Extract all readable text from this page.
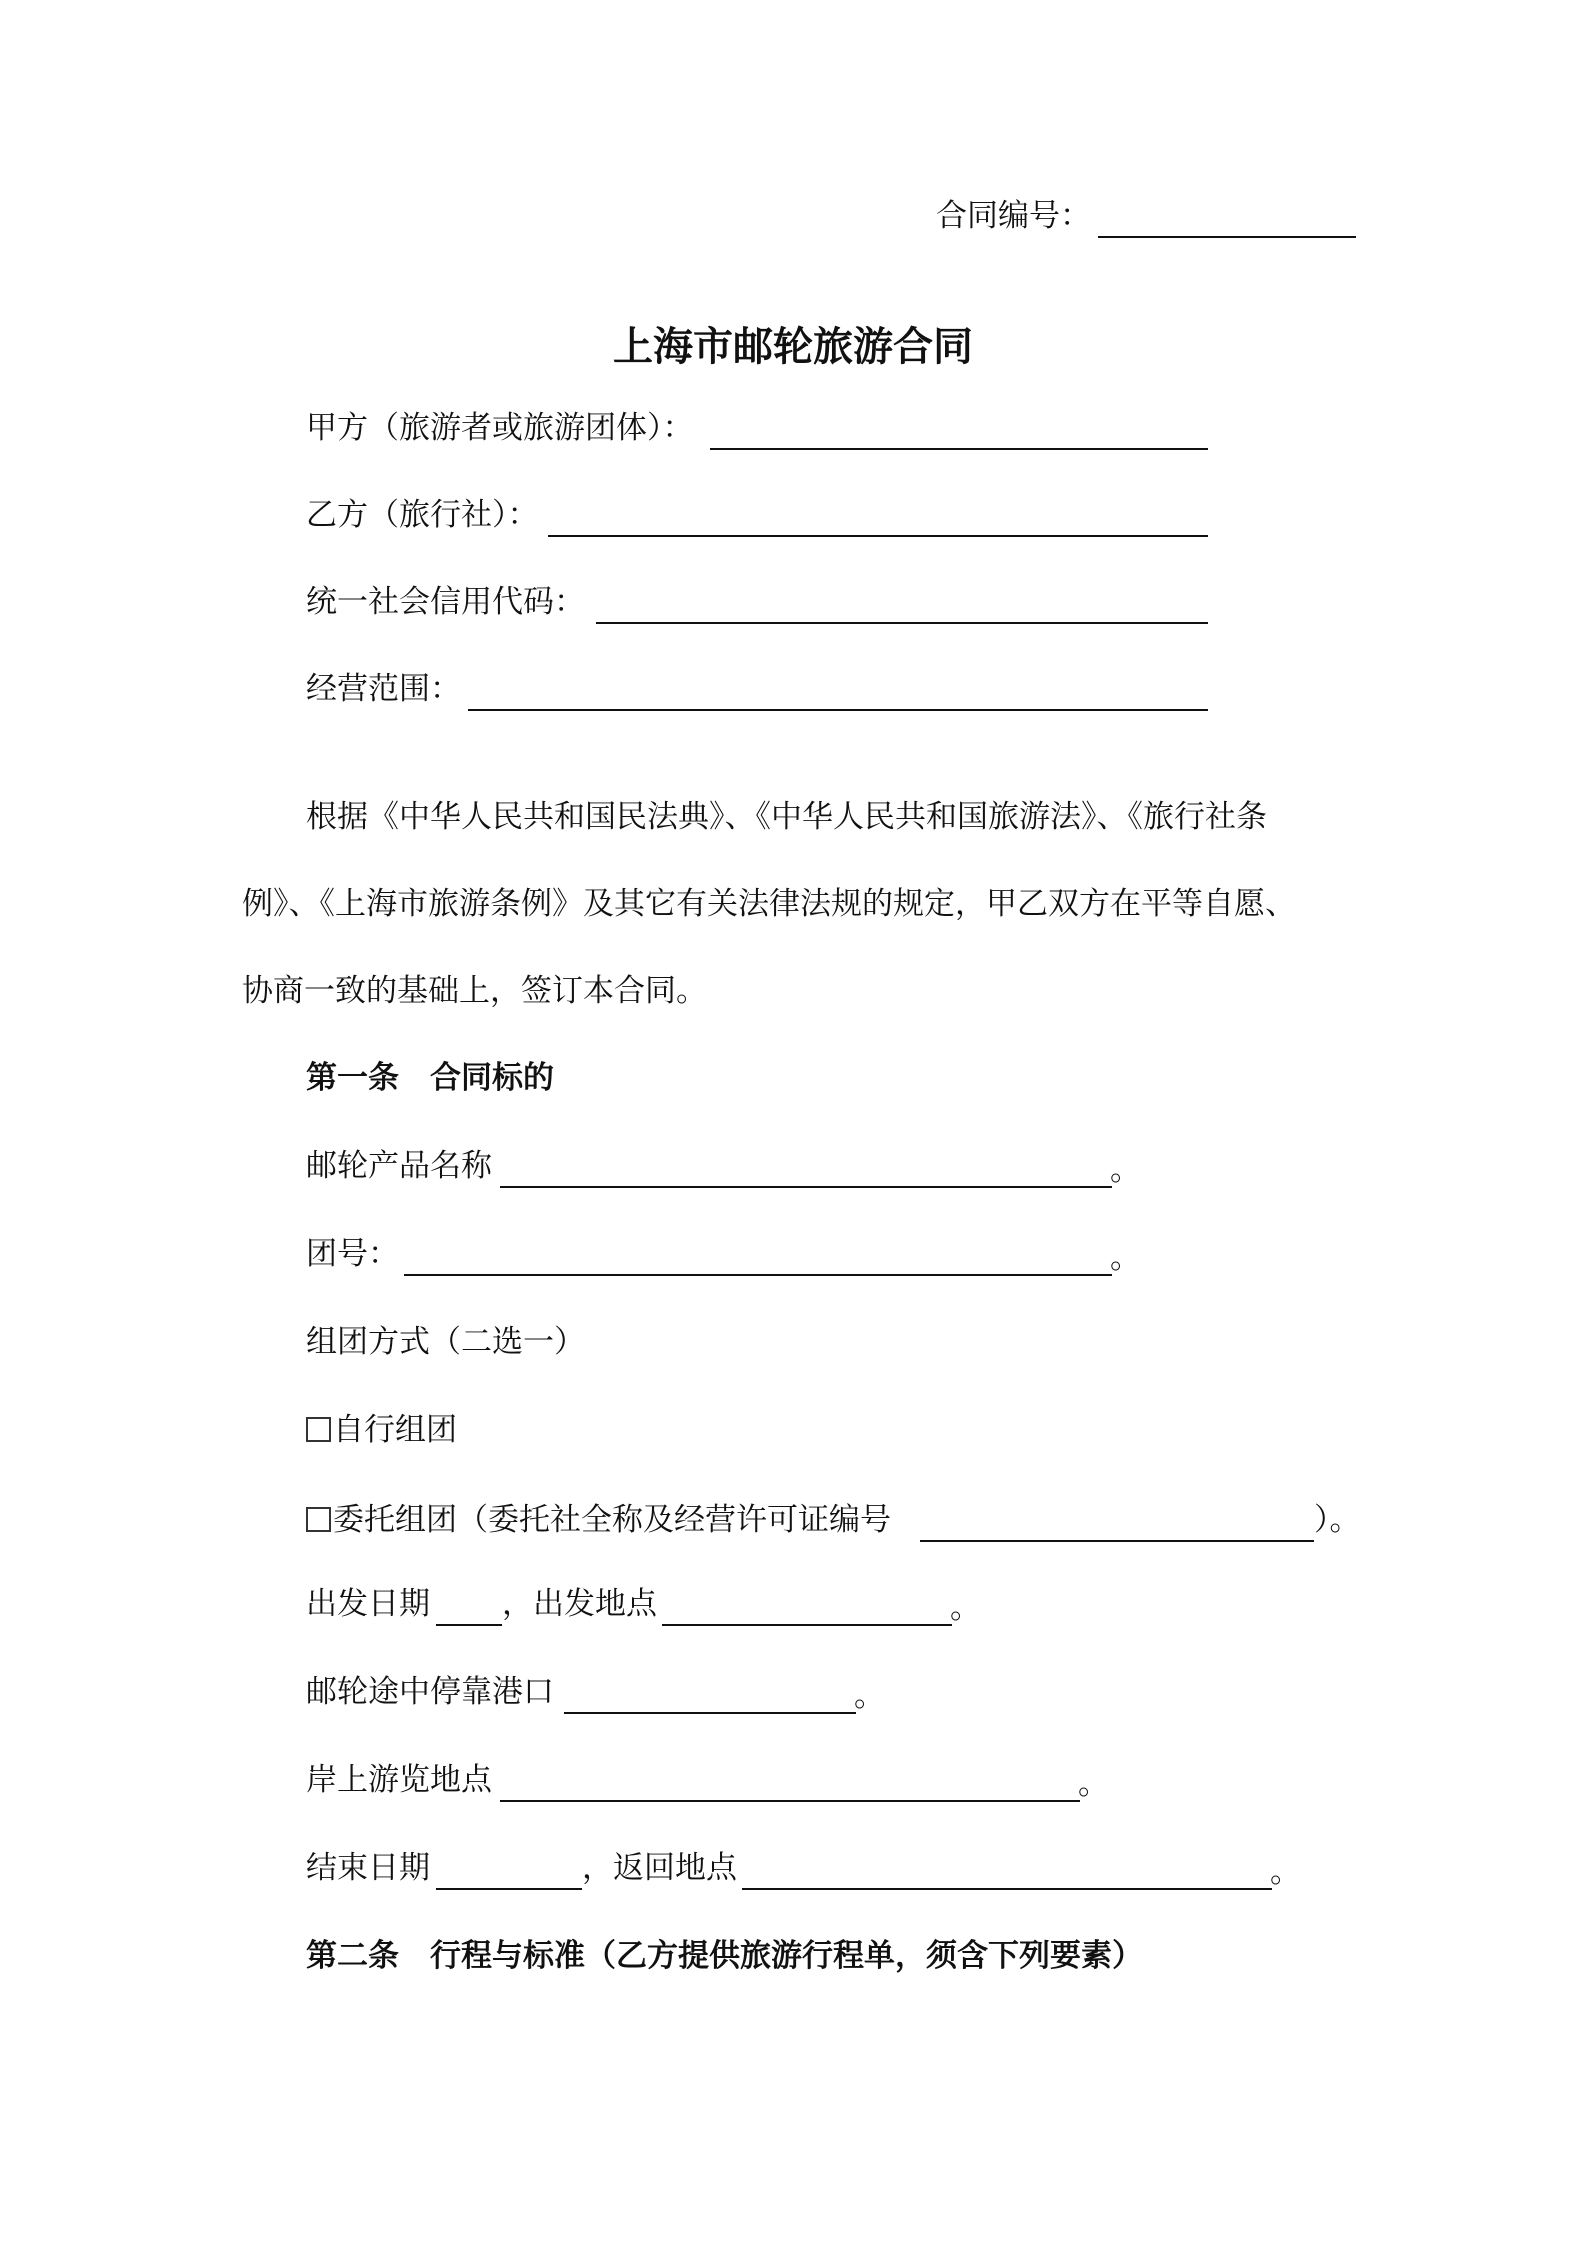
合同编号：
上海市邮轮旅游合同
甲方（旅游者或旅游团体）：
乙方（旅行社）：
统一社会信用代码：
经营范围：
根据《中华人民共和国民法典》、《中华人民共和国旅游法》、《旅行社条
例》、《上海市旅游条例》及其它有关法律法规的规定，甲乙双方在平等自愿、
协商一致的基础上，签订本合同。
第一条　合同标的
邮轮产品名称	。
团号：	。
组团方式（二选一）
自行组团
委托组团（委托社全称及经营许可证编号	）。
出发日期 ，出发地点	。
邮轮途中停靠港口	。
岸上游览地点	。
结束日期	，返回地点	。
第二条　行程与标准（乙方提供旅游行程单，须含下列要素）
